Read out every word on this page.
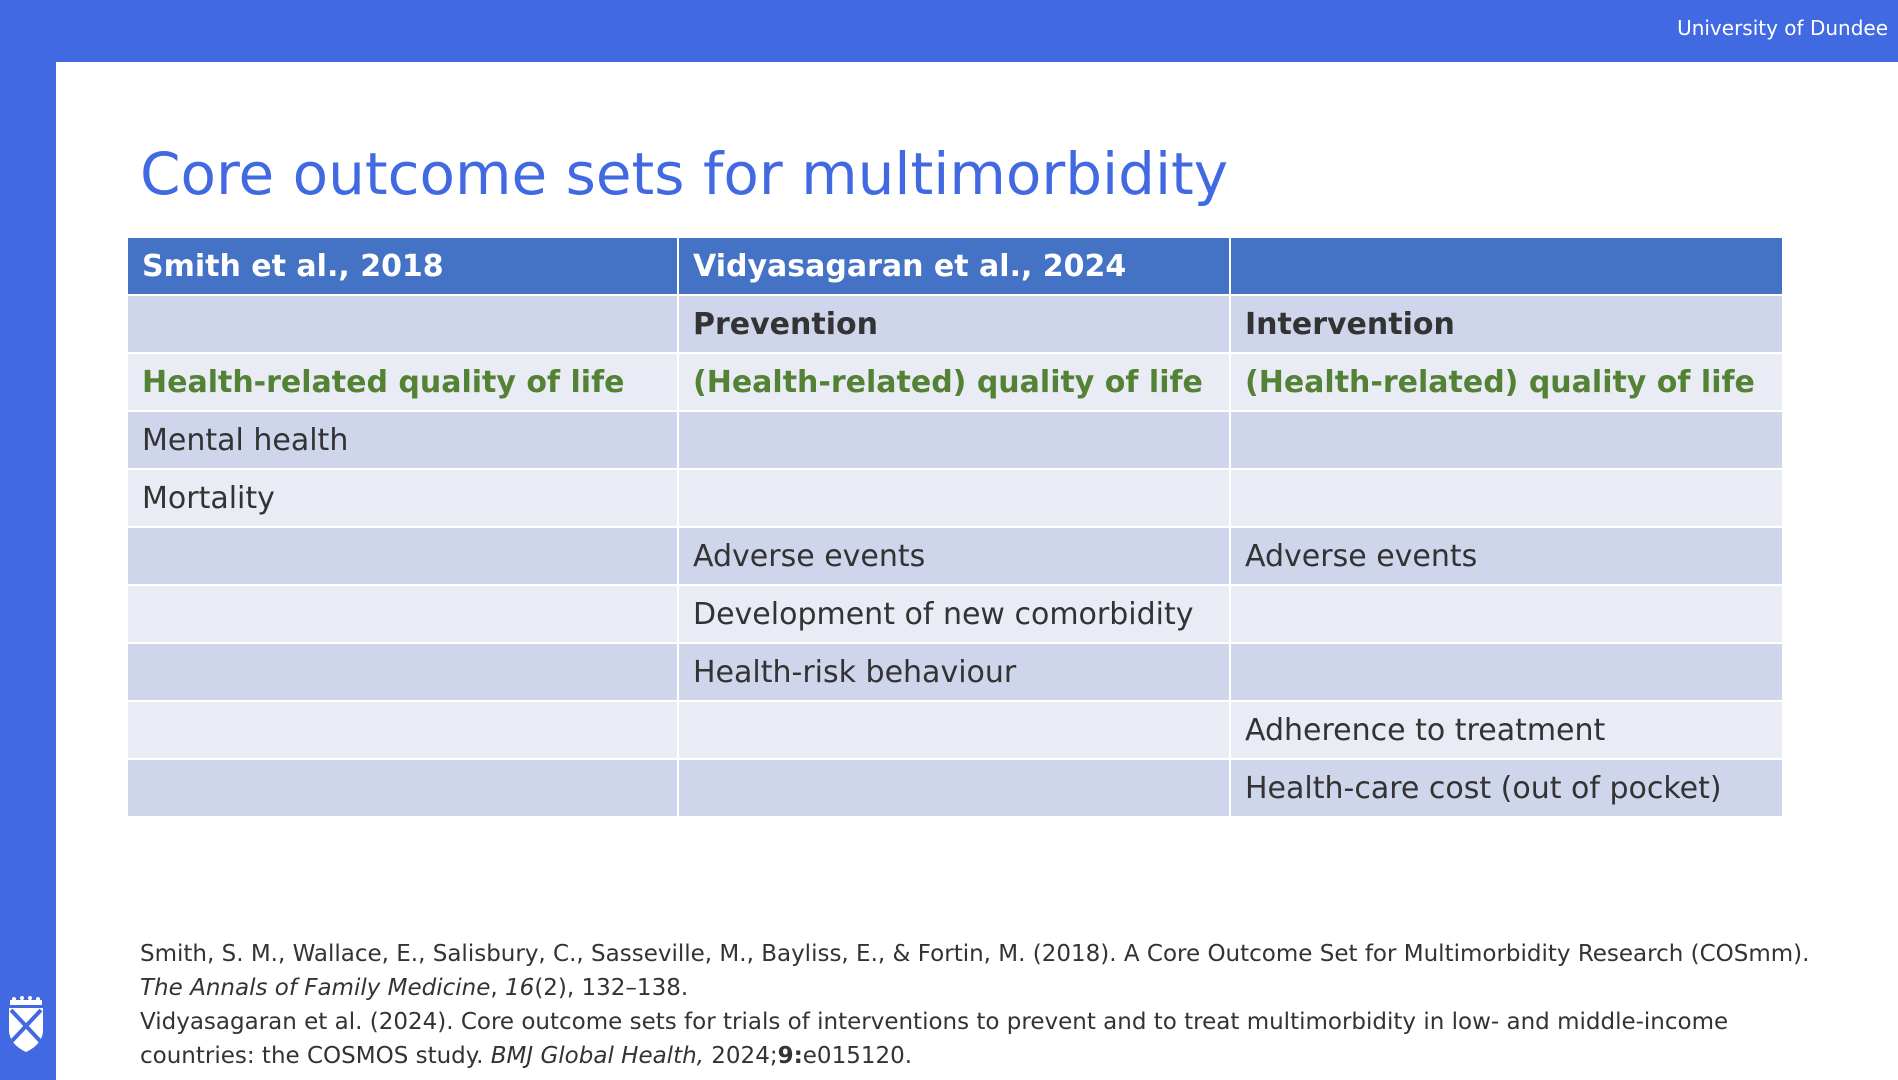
University of Dundee
Core outcome sets for multimorbidity
Smith et al., 2018	Vidyasagaran et al., 2024	
	Prevention	Intervention
Health-related quality of life	(Health-related) quality of life	(Health-related) quality of life
Mental health		
Mortality		
	Adverse events	Adverse events
	Development of new comorbidity	
	Health-risk behaviour	
		Adherence to treatment
		Health-care cost (out of pocket)

Smith, S. M., Wallace, E., Salisbury, C., Sasseville, M., Bayliss, E., & Fortin, M. (2018). A Core Outcome Set for Multimorbidity Research (COSmm). The Annals of Family Medicine, 16(2), 132–138.

Vidyasagaran et al. (2024). Core outcome sets for trials of interventions to prevent and to treat multimorbidity in low- and middle-income countries: the COSMOS study. BMJ Global Health, 2024;9:e015120.
